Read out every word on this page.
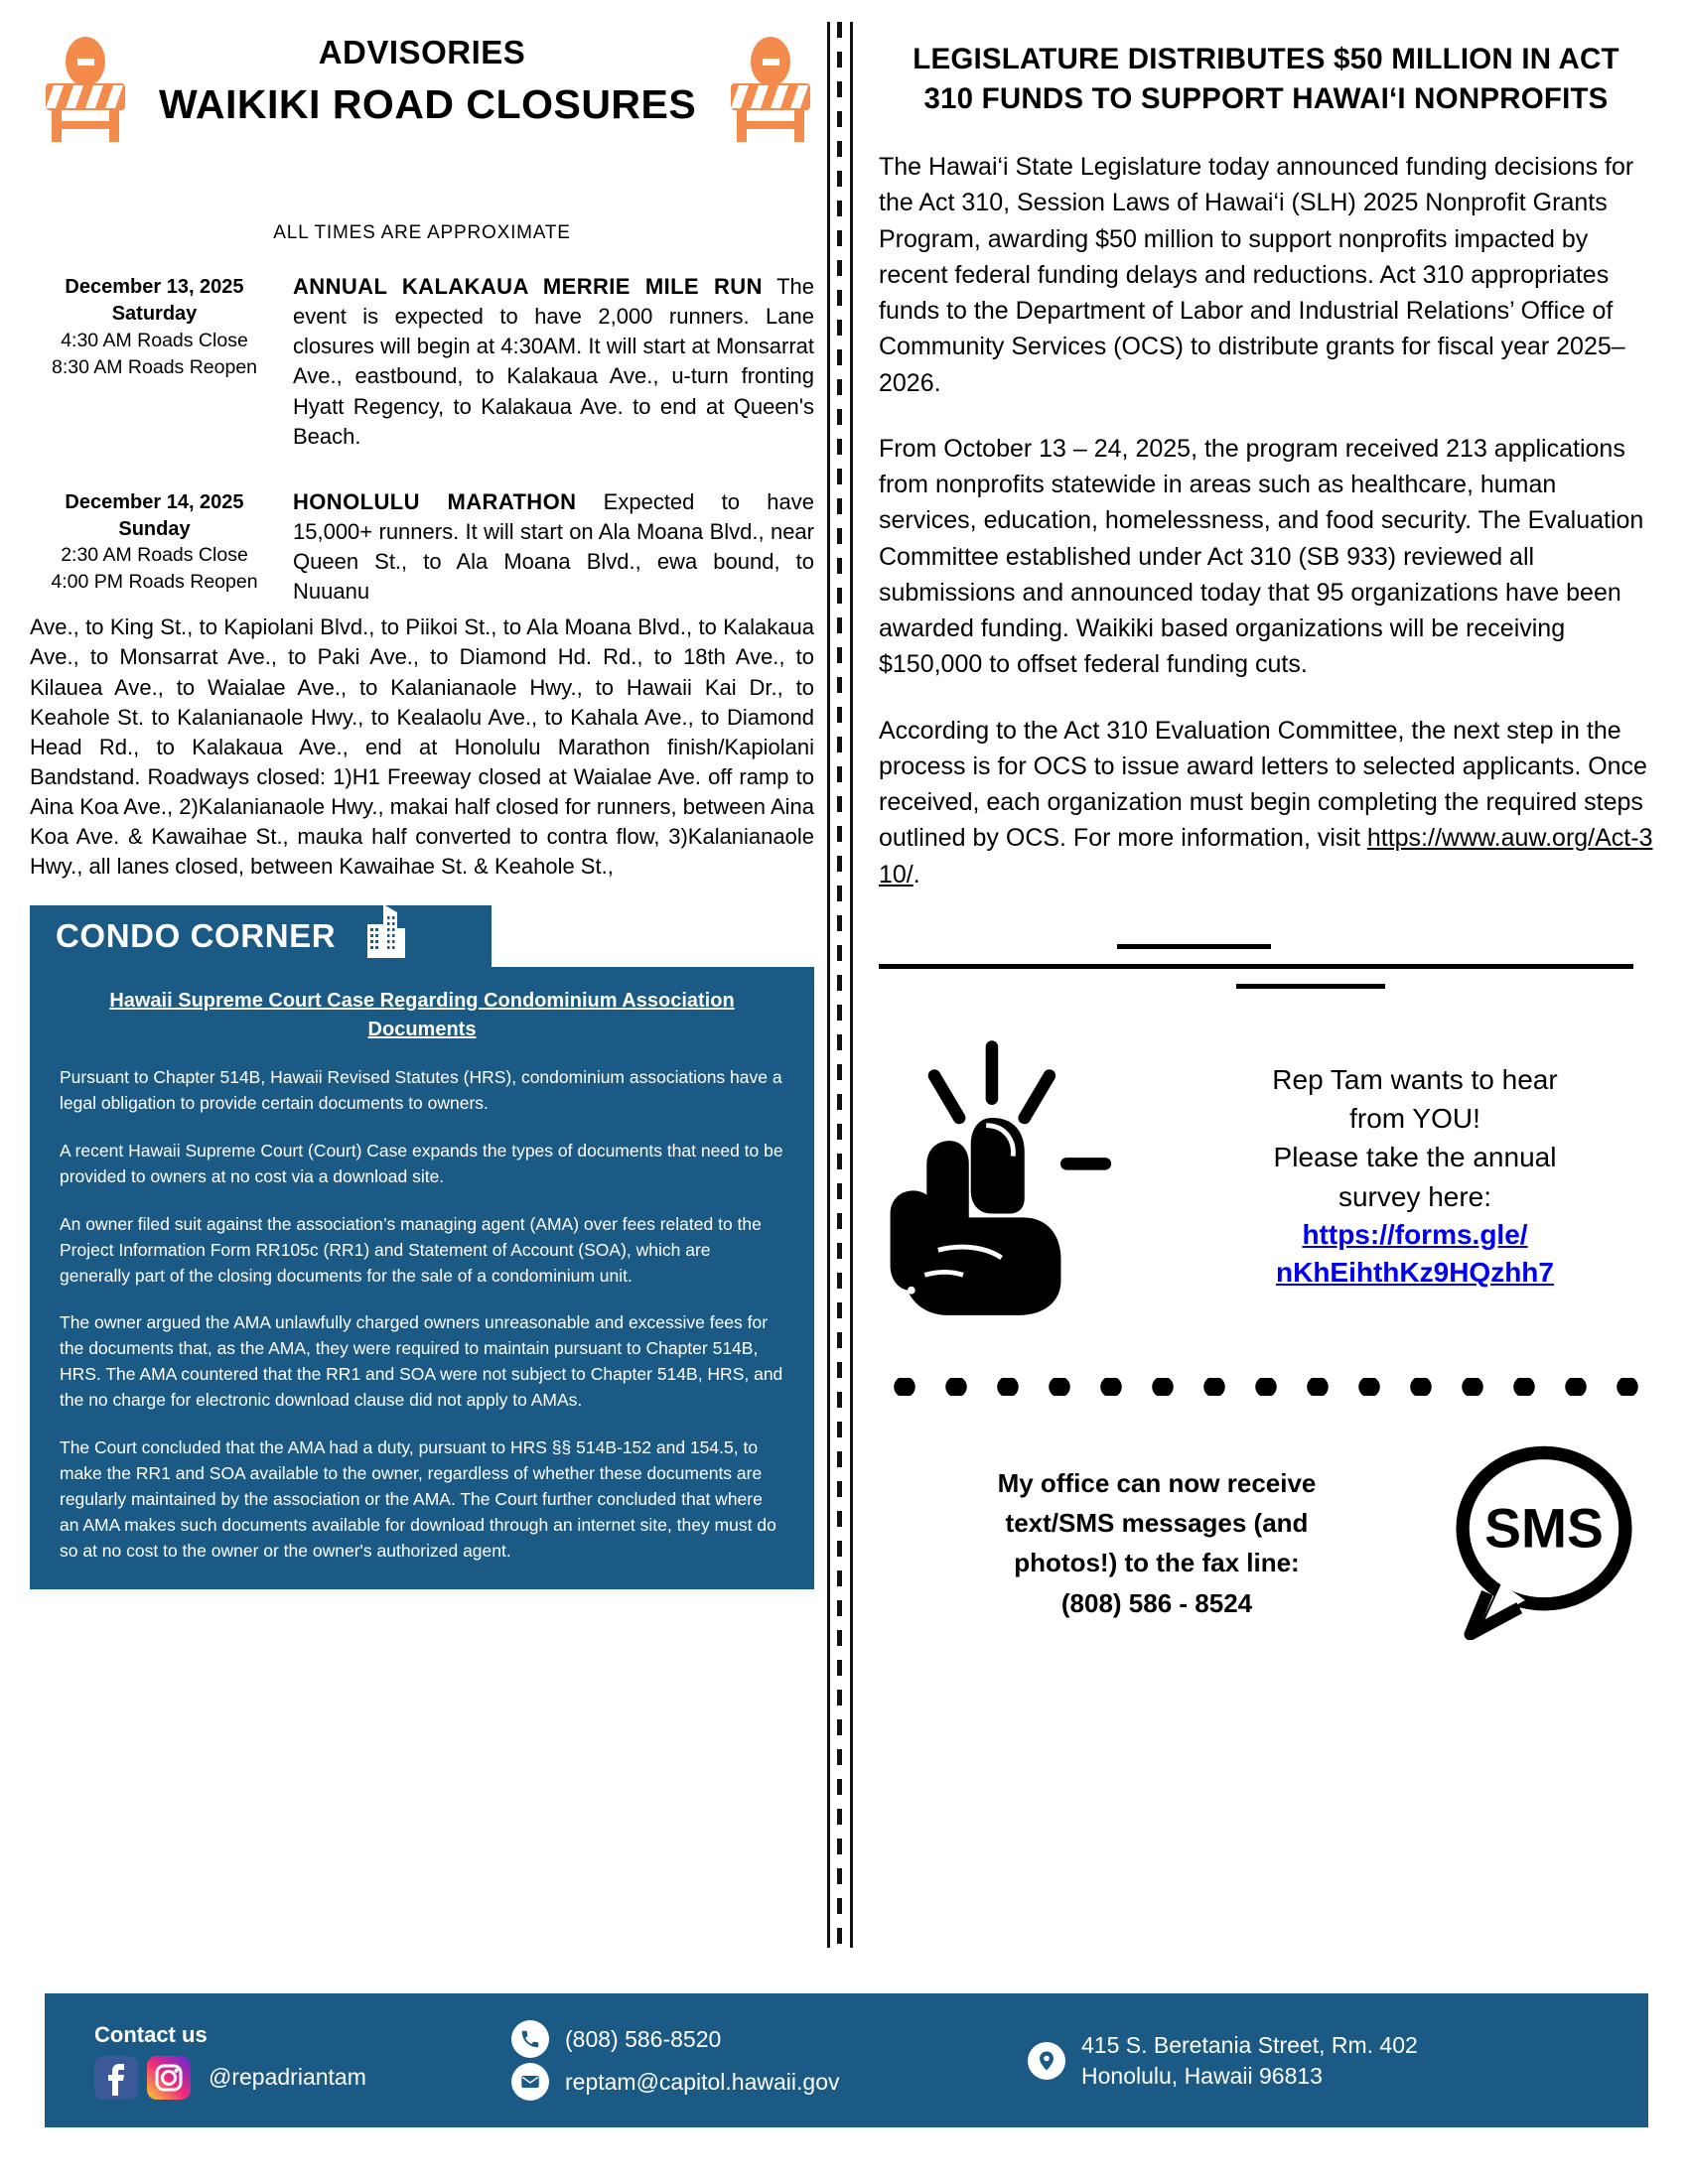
ADVISORIES
WAIKIKI ROAD CLOSURES
ALL TIMES ARE APPROXIMATE
December 13, 2025
Saturday
4:30 AM Roads Close
8:30 AM Roads Reopen
ANNUAL KALAKAUA MERRIE MILE RUN The event is expected to have 2,000 runners. Lane closures will begin at 4:30AM. It will start at Monsarrat Ave., eastbound, to Kalakaua Ave., u-turn fronting Hyatt Regency, to Kalakaua Ave. to end at Queen's Beach.
December 14, 2025
Sunday
2:30 AM Roads Close
4:00 PM Roads Reopen
HONOLULU MARATHON Expected to have 15,000+ runners. It will start on Ala Moana Blvd., near Queen St., to Ala Moana Blvd., ewa bound, to Nuuanu
Ave., to King St., to Kapiolani Blvd., to Piikoi St., to Ala Moana Blvd., to Kalakaua Ave., to Monsarrat Ave., to Paki Ave., to Diamond Hd. Rd., to 18th Ave., to Kilauea Ave., to Waialae Ave., to Kalanianaole Hwy., to Hawaii Kai Dr., to Keahole St. to Kalanianaole Hwy., to Kealaolu Ave., to Kahala Ave., to Diamond Head Rd., to Kalakaua Ave., end at Honolulu Marathon finish/Kapiolani Bandstand. Roadways closed: 1)H1 Freeway closed at Waialae Ave. off ramp to Aina Koa Ave., 2)Kalanianaole Hwy., makai half closed for runners, between Aina Koa Ave. & Kawaihae St., mauka half converted to contra flow, 3)Kalanianaole Hwy., all lanes closed, between Kawaihae St. & Keahole St.,
CONDO CORNER
Hawaii Supreme Court Case Regarding Condominium Association Documents
Pursuant to Chapter 514B, Hawaii Revised Statutes (HRS), condominium associations have a legal obligation to provide certain documents to owners.
A recent Hawaii Supreme Court (Court) Case expands the types of documents that need to be provided to owners at no cost via a download site.
An owner filed suit against the association’s managing agent (AMA) over fees related to the Project Information Form RR105c (RR1) and Statement of Account (SOA), which are generally part of the closing documents for the sale of a condominium unit.
The owner argued the AMA unlawfully charged owners unreasonable and excessive fees for the documents that, as the AMA, they were required to maintain pursuant to Chapter 514B, HRS. The AMA countered that the RR1 and SOA were not subject to Chapter 514B, HRS, and the no charge for electronic download clause did not apply to AMAs.
The Court concluded that the AMA had a duty, pursuant to HRS §§ 514B-152 and 154.5, to make the RR1 and SOA available to the owner, regardless of whether these documents are regularly maintained by the association or the AMA. The Court further concluded that where an AMA makes such documents available for download through an internet site, they must do so at no cost to the owner or the owner's authorized agent.
LEGISLATURE DISTRIBUTES $50 MILLION IN ACT 310 FUNDS TO SUPPORT HAWAI‘I NONPROFITS
The Hawai‘i State Legislature today announced funding decisions for the Act 310, Session Laws of Hawai‘i (SLH) 2025 Nonprofit Grants Program, awarding $50 million to support nonprofits impacted by recent federal funding delays and reductions. Act 310 appropriates funds to the Department of Labor and Industrial Relations’ Office of Community Services (OCS) to distribute grants for fiscal year 2025–2026.
From October 13 – 24, 2025, the program received 213 applications from nonprofits statewide in areas such as healthcare, human services, education, homelessness, and food security. The Evaluation Committee established under Act 310 (SB 933) reviewed all submissions and announced today that 95 organizations have been awarded funding. Waikiki based organizations will be receiving $150,000 to offset federal funding cuts.
According to the Act 310 Evaluation Committee, the next step in the process is for OCS to issue award letters to selected applicants. Once received, each organization must begin completing the required steps outlined by OCS. For more information, visit https://www.auw.org/Act-310/.
Rep Tam wants to hear
from YOU!
Please take the annual
survey here:
https://forms.gle/
nKhEihthKz9HQzhh7
My office can now receive
text/SMS messages (and
photos!) to the fax line:
(808) 586 - 8524
SMS
Contact us
@repadriantam
(808) 586-8520
reptam@capitol.hawaii.gov
415 S. Beretania Street, Rm. 402
Honolulu, Hawaii 96813
